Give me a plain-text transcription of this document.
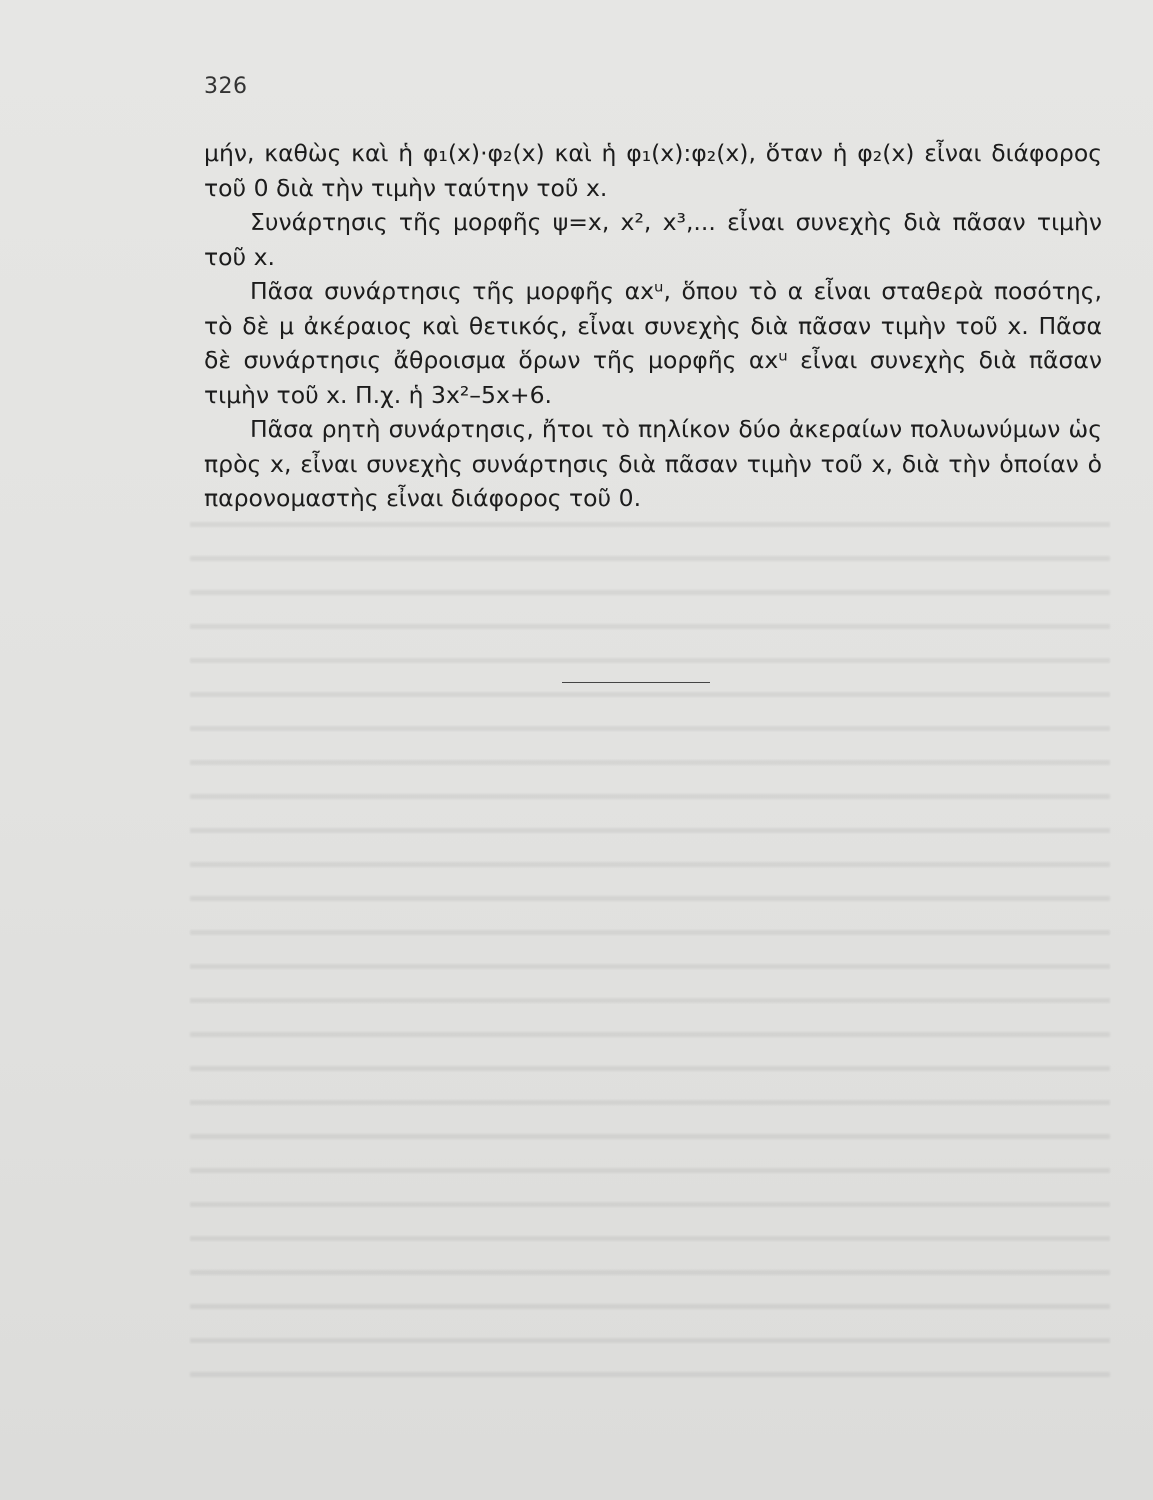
326

μήν, καθὼς καὶ ἡ φ₁(x)·φ₂(x) καὶ ἡ φ₁(x):φ₂(x), ὅταν ἡ φ₂(x) εἶναι διάφορος τοῦ 0 διὰ τὴν τιμὴν ταύτην τοῦ x.

Συνάρτησις τῆς μορφῆς ψ=x, x², x³,... εἶναι συνεχὴς διὰ πᾶσαν τιμὴν τοῦ x.

Πᾶσα συνάρτησις τῆς μορφῆς αxᵘ, ὅπου τὸ α εἶναι σταθερὰ ποσότης, τὸ δὲ μ ἀκέραιος καὶ θετικός, εἶναι συνεχὴς διὰ πᾶσαν τιμὴν τοῦ x. Πᾶσα δὲ συνάρτησις ἄθροισμα ὅρων τῆς μορφῆς αxᵘ εἶναι συνεχὴς διὰ πᾶσαν τιμὴν τοῦ x. Π.χ. ἡ 3x²–5x+6.

Πᾶσα ρητὴ συνάρτησις, ἤτοι τὸ πηλίκον δύο ἀκεραίων πολυωνύμων ὡς πρὸς x, εἶναι συνεχὴς συνάρτησις διὰ πᾶσαν τιμὴν τοῦ x, διὰ τὴν ὁποίαν ὁ παρονομαστὴς εἶναι διάφορος τοῦ 0.
